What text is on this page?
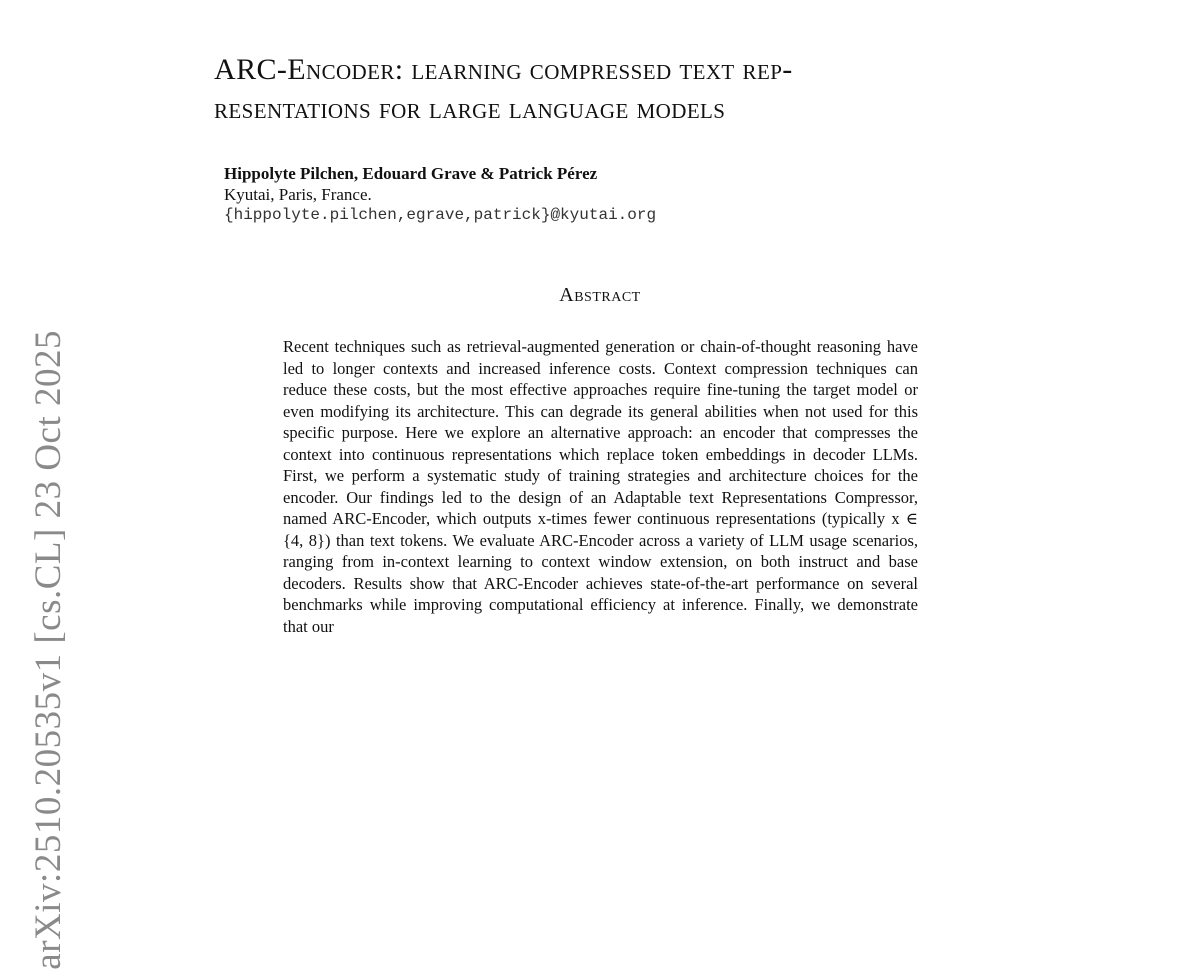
arXiv:2510.20535v1 [cs.CL] 23 Oct 2025
ARC-Encoder: learning compressed text rep-
resentations for large language models
Hippolyte Pilchen, Edouard Grave & Patrick Pérez
Kyutai, Paris, France.
{hippolyte.pilchen,egrave,patrick}@kyutai.org
Abstract
Recent techniques such as retrieval-augmented generation or chain-of-thought reasoning have led to longer contexts and increased inference costs. Context compression techniques can reduce these costs, but the most effective approaches require fine-tuning the target model or even modifying its architecture. This can degrade its general abilities when not used for this specific purpose. Here we explore an alternative approach: an encoder that compresses the context into continuous representations which replace token embeddings in decoder LLMs. First, we perform a systematic study of training strategies and architecture choices for the encoder. Our findings led to the design of an Adaptable text Representations Compressor, named ARC-Encoder, which outputs x-times fewer continuous representations (typically x ∈ {4, 8}) than text tokens. We evaluate ARC-Encoder across a variety of LLM usage scenarios, ranging from in-context learning to context window extension, on both instruct and base decoders. Results show that ARC-Encoder achieves state-of-the-art performance on several benchmarks while improving computational efficiency at inference. Finally, we demonstrate that our
